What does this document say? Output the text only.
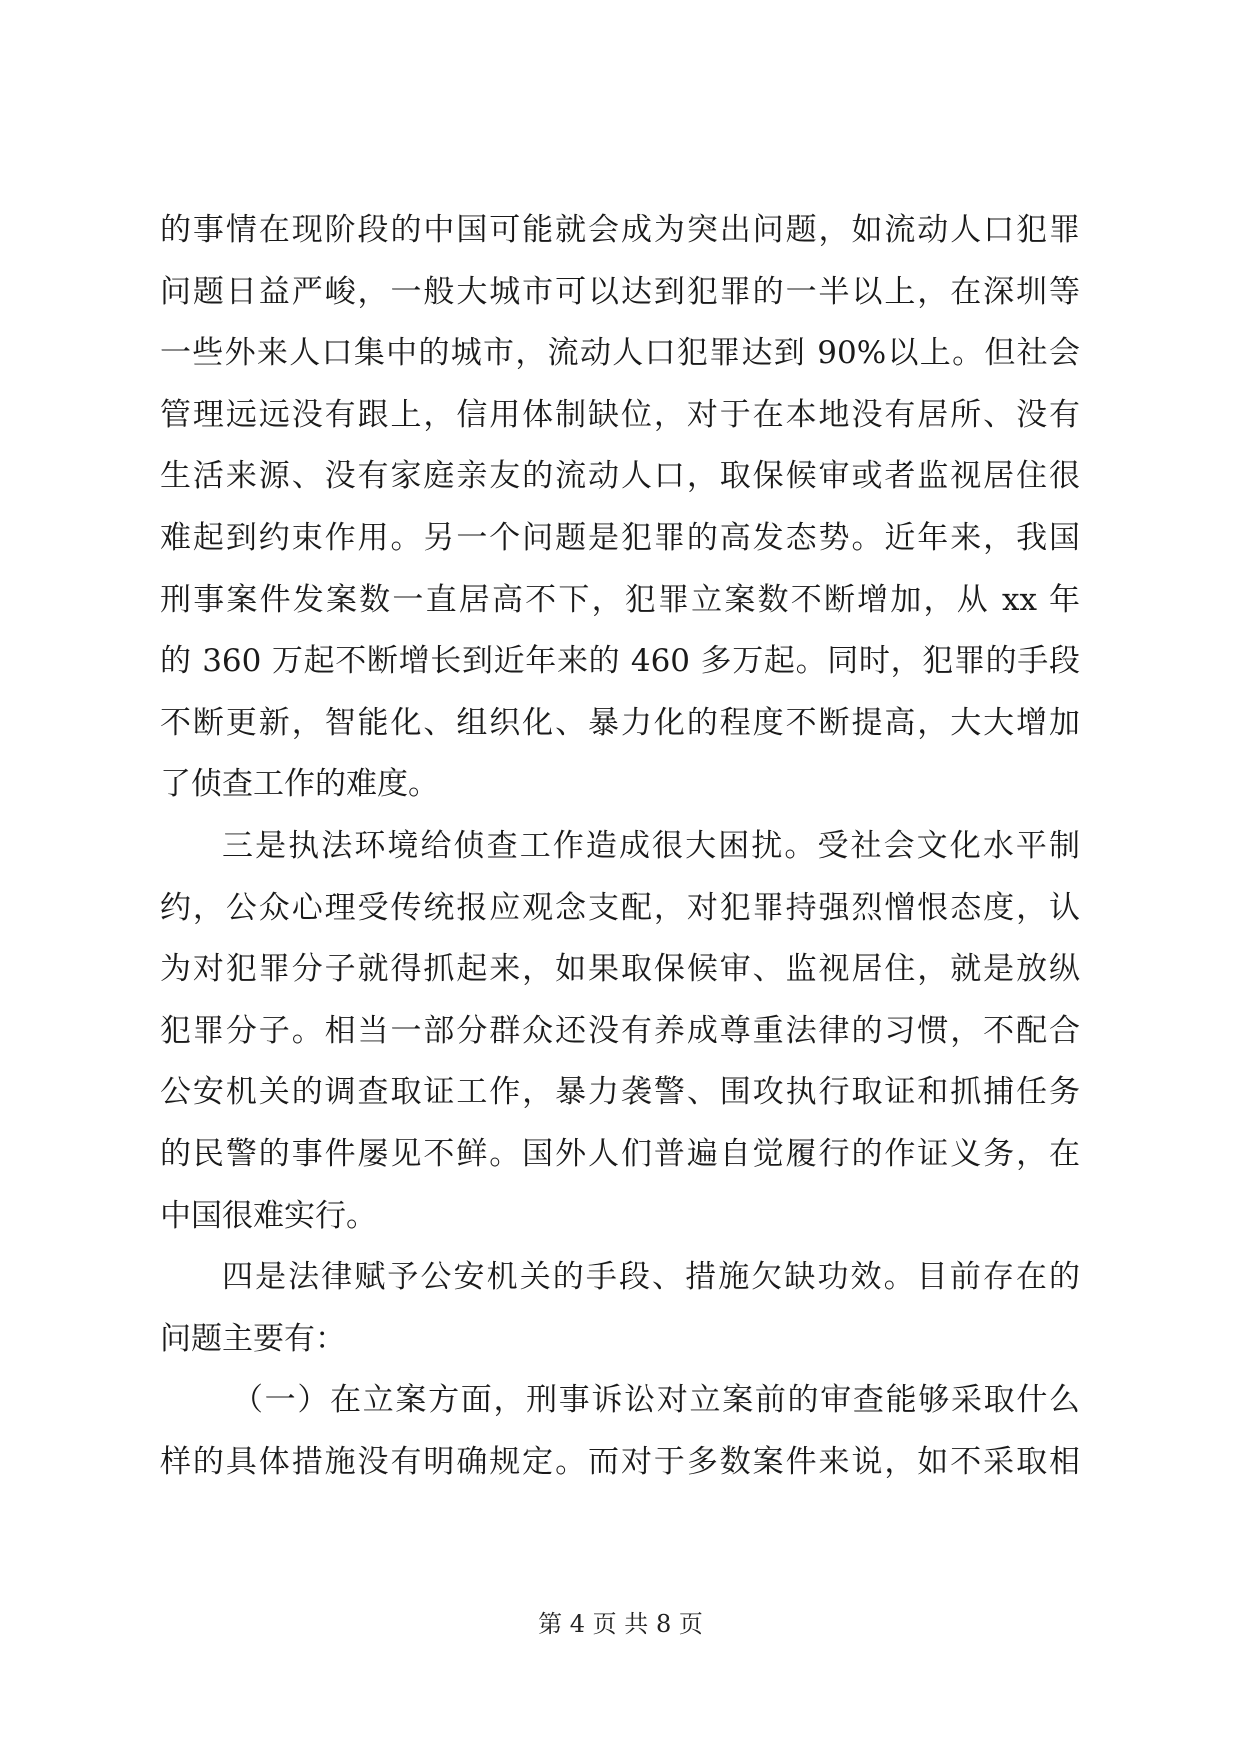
的事情在现阶段的中国可能就会成为突出问题，如流动人口犯罪
问题日益严峻，一般大城市可以达到犯罪的一半以上，在深圳等
一些外来人口集中的城市，流动人口犯罪达到 90%以上。但社会
管理远远没有跟上，信用体制缺位，对于在本地没有居所、没有
生活来源、没有家庭亲友的流动人口，取保候审或者监视居住很
难起到约束作用。另一个问题是犯罪的高发态势。近年来，我国
刑事案件发案数一直居高不下，犯罪立案数不断增加，从 xx 年
的 360 万起不断增长到近年来的 460 多万起。同时，犯罪的手段
不断更新，智能化、组织化、暴力化的程度不断提高，大大增加
了侦查工作的难度。
三是执法环境给侦查工作造成很大困扰。受社会文化水平制
约，公众心理受传统报应观念支配，对犯罪持强烈憎恨态度，认
为对犯罪分子就得抓起来，如果取保候审、监视居住，就是放纵
犯罪分子。相当一部分群众还没有养成尊重法律的习惯，不配合
公安机关的调查取证工作，暴力袭警、围攻执行取证和抓捕任务
的民警的事件屡见不鲜。国外人们普遍自觉履行的作证义务，在
中国很难实行。
四是法律赋予公安机关的手段、措施欠缺功效。目前存在的
问题主要有：
（一）在立案方面，刑事诉讼对立案前的审查能够采取什么
样的具体措施没有明确规定。而对于多数案件来说，如不采取相
第 4 页 共 8 页
